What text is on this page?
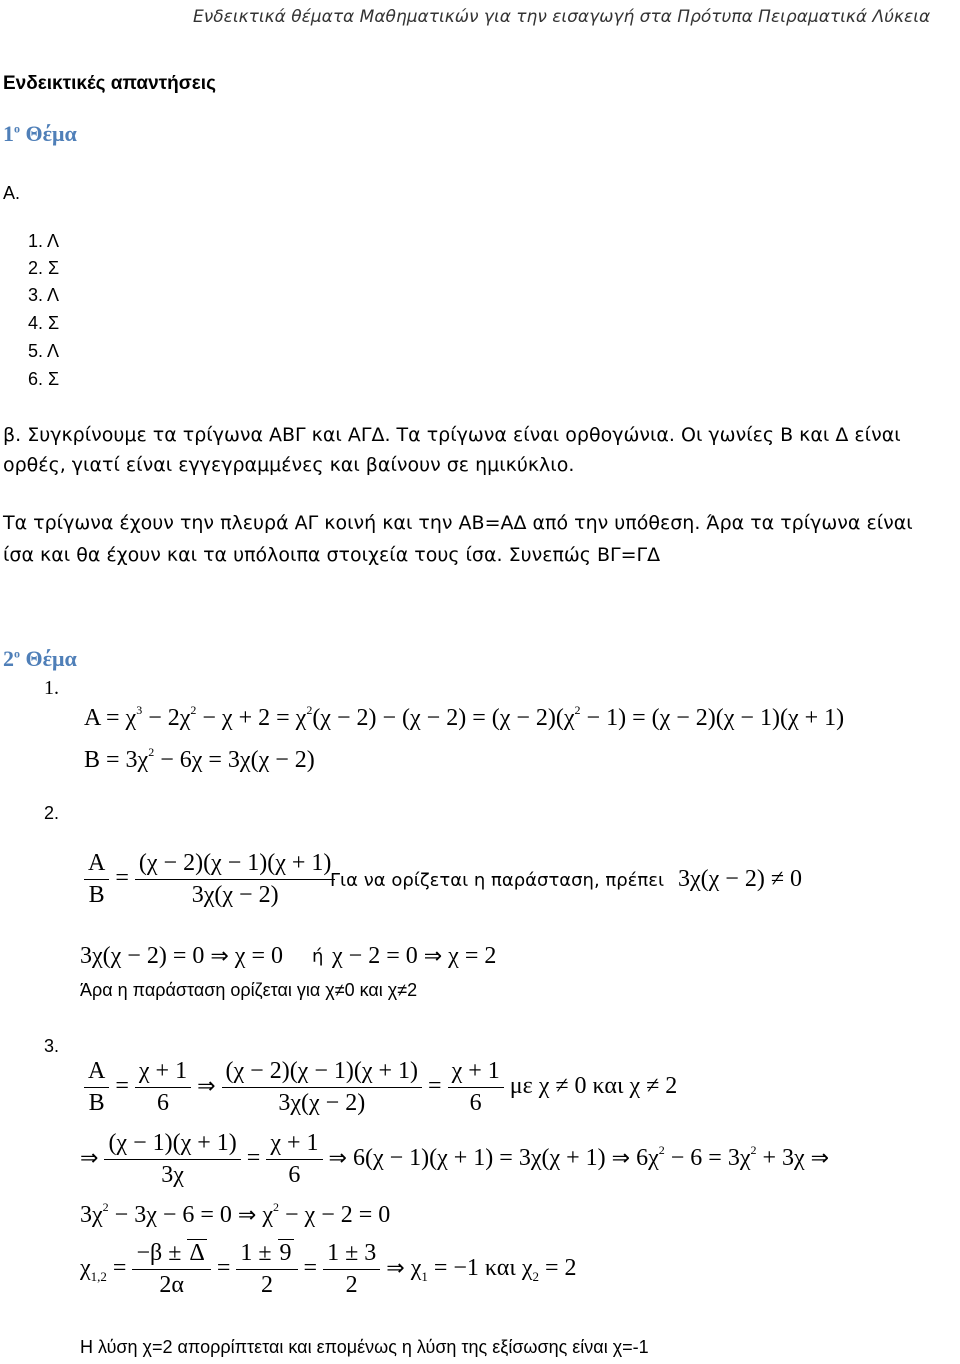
Ενδεικτικά θέματα Μαθηματικών για την εισαγωγή στα Πρότυπα Πειραματικά Λύκεια
Ενδεικτικές απαντήσεις
$1^o$ Θέμα
Α.
1. Λ
2. Σ
3. Λ
4. Σ
5. Λ
6. Σ
β. Συγκρίνουμε τα τρίγωνα ΑΒΓ και ΑΓΔ. Τα τρίγωνα είναι ορθογώνια. Οι γωνίες Β και Δ είναι
ορθές, γιατί είναι εγγεγραμμένες και βαίνουν σε ημικύκλιο.
Τα τρίγωνα έχουν την πλευρά ΑΓ κοινή και την ΑΒ=ΑΔ από την υπόθεση. Άρα τα τρίγωνα είναι
ίσα και θα έχουν και τα υπόλοιπα στοιχεία τους ίσα. Συνεπώς ΒΓ=ΓΔ
$2^o$ Θέμα
1.
$A = \chi^3 - 2\chi^2 - \chi + 2 = \chi^2(\chi - 2) - (\chi - 2) = (\chi - 2)(\chi^2 - 1) = (\chi - 2)(\chi - 1)(\chi + 1)$
$B = 3\chi^2 - 6\chi = 3\chi(\chi - 2)$
2.
$\frac{A}{B} = \frac{(\chi - 2)(\chi - 1)(\chi + 1)}{3\chi(\chi - 2)}$
Για να ορίζεται η παράσταση, πρέπει 3χ(χ − 2) ≠ 0
3χ(χ − 2) = 0 ⇒ χ = 0 ή χ − 2 = 0 ⇒ χ = 2
Άρα η παράσταση ορίζεται για χ≠0 και χ≠2
3.
$\frac{A}{B} = \frac{\chi + 1}{6}$ ⇒ $\frac{(\chi - 2)(\chi - 1)(\chi + 1)}{3\chi(\chi - 2)} = \frac{\chi + 1}{6}$ με χ ≠ 0 και χ ≠ 2
⇒ $\frac{(\chi - 1)(\chi + 1)}{3\chi} = \frac{\chi + 1}{6}$ ⇒ 6(χ − 1)(χ + 1) = 3χ(χ + 1) ⇒ $6\chi^2 - 6 = 3\chi^2 + 3\chi$ ⇒
$3\chi^2 - 3\chi - 6 = 0$ ⇒ $\chi^2 - \chi - 2 = 0$
$\chi_{1,2} = \frac{-\beta \pm \Delta}{2\alpha} = \frac{1 \pm 9}{2} = \frac{1 \pm 3}{2}$ ⇒ $\chi_1 = -1$ και $\chi_2 = 2$
Η λύση χ=2 απορρίπτεται και επομένως η λύση της εξίσωσης είναι χ=-1
